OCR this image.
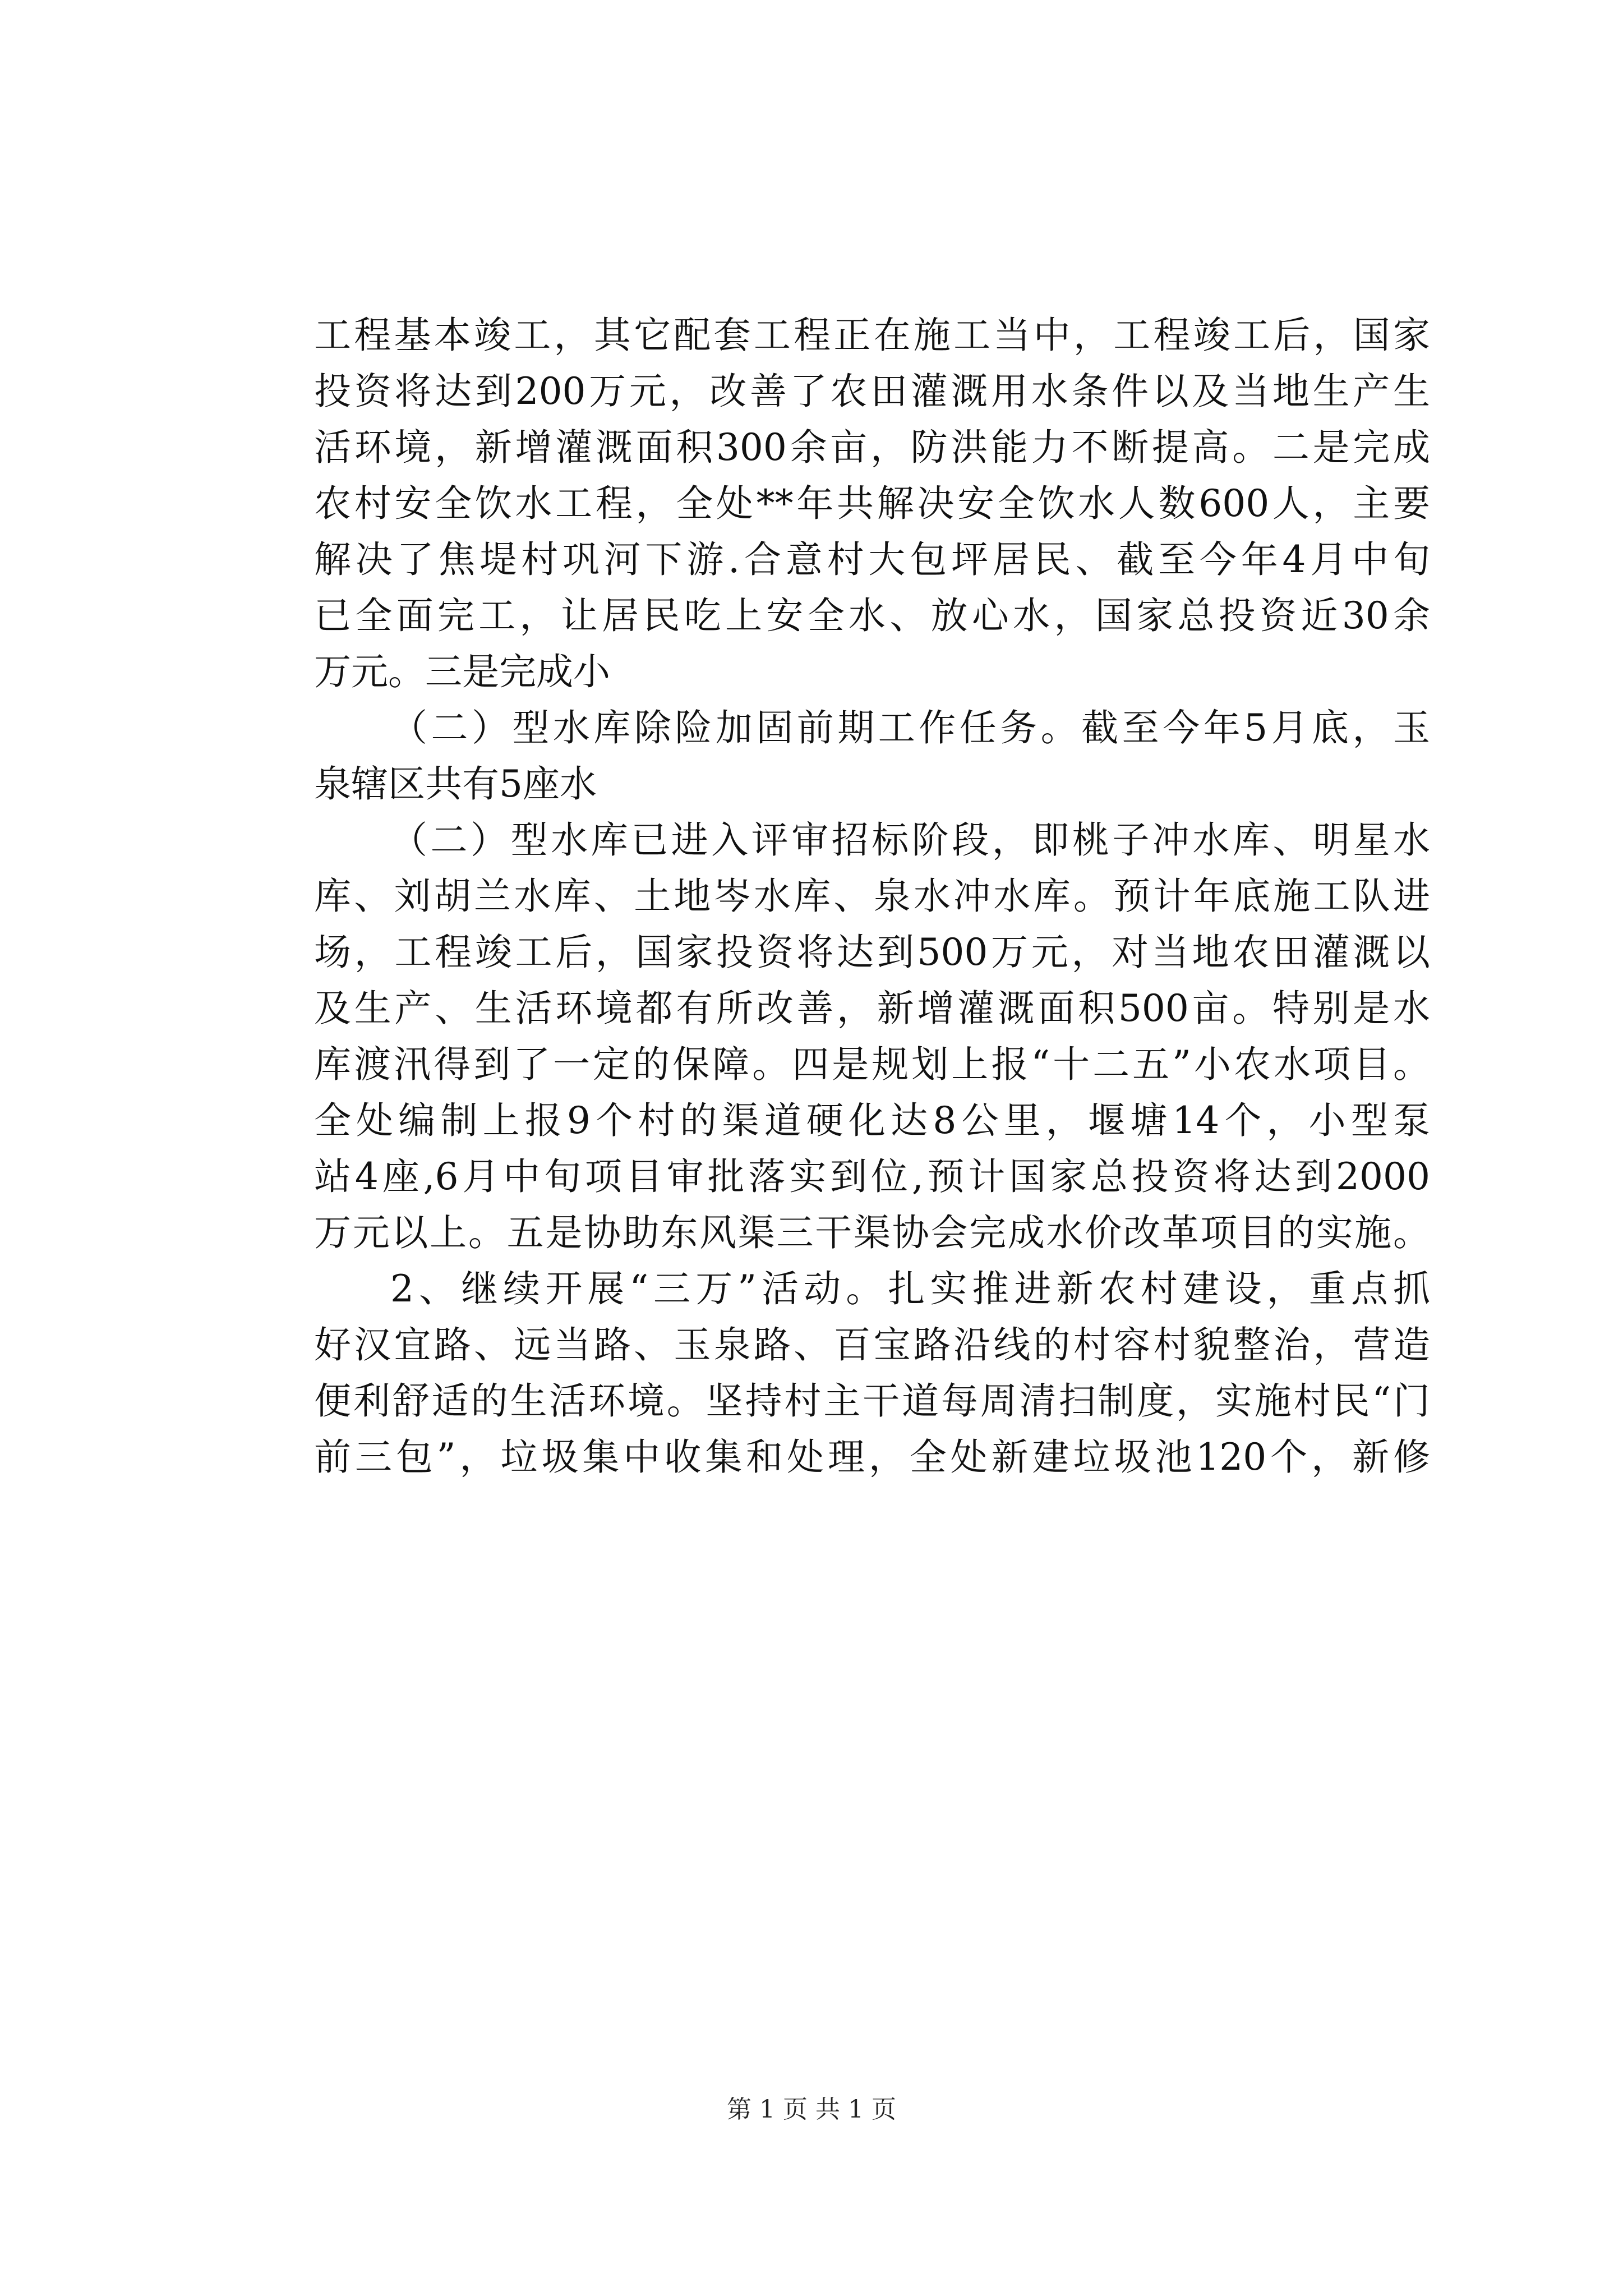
工程基本竣工，其它配套工程正在施工当中，工程竣工后，国家
投资将达到200万元，改善了农田灌溉用水条件以及当地生产生
活环境，新增灌溉面积300余亩，防洪能力不断提高。二是完成
农村安全饮水工程，全处**年共解决安全饮水人数600人，主要
解决了焦堤村巩河下游.合意村大包坪居民、截至今年4月中旬
已全面完工，让居民吃上安全水、放心水，国家总投资近30余
万元。三是完成小
（二）型水库除险加固前期工作任务。截至今年5月底，玉
泉辖区共有5座水
（二）型水库已进入评审招标阶段，即桃子冲水库、明星水
库、刘胡兰水库、土地岑水库、泉水冲水库。预计年底施工队进
场，工程竣工后，国家投资将达到500万元，对当地农田灌溉以
及生产、生活环境都有所改善，新增灌溉面积500亩。特别是水
库渡汛得到了一定的保障。四是规划上报“十二五”小农水项目。
全处编制上报9个村的渠道硬化达8公里，堰塘14个，小型泵
站4座,6月中旬项目审批落实到位,预计国家总投资将达到2000
万元以上。五是协助东风渠三干渠协会完成水价改革项目的实施。
2、继续开展“三万”活动。扎实推进新农村建设，重点抓
好汉宜路、远当路、玉泉路、百宝路沿线的村容村貌整治，营造
便利舒适的生活环境。坚持村主干道每周清扫制度，实施村民“门
前三包”，垃圾集中收集和处理，全处新建垃圾池120个，新修
第 1 页 共 1 页
